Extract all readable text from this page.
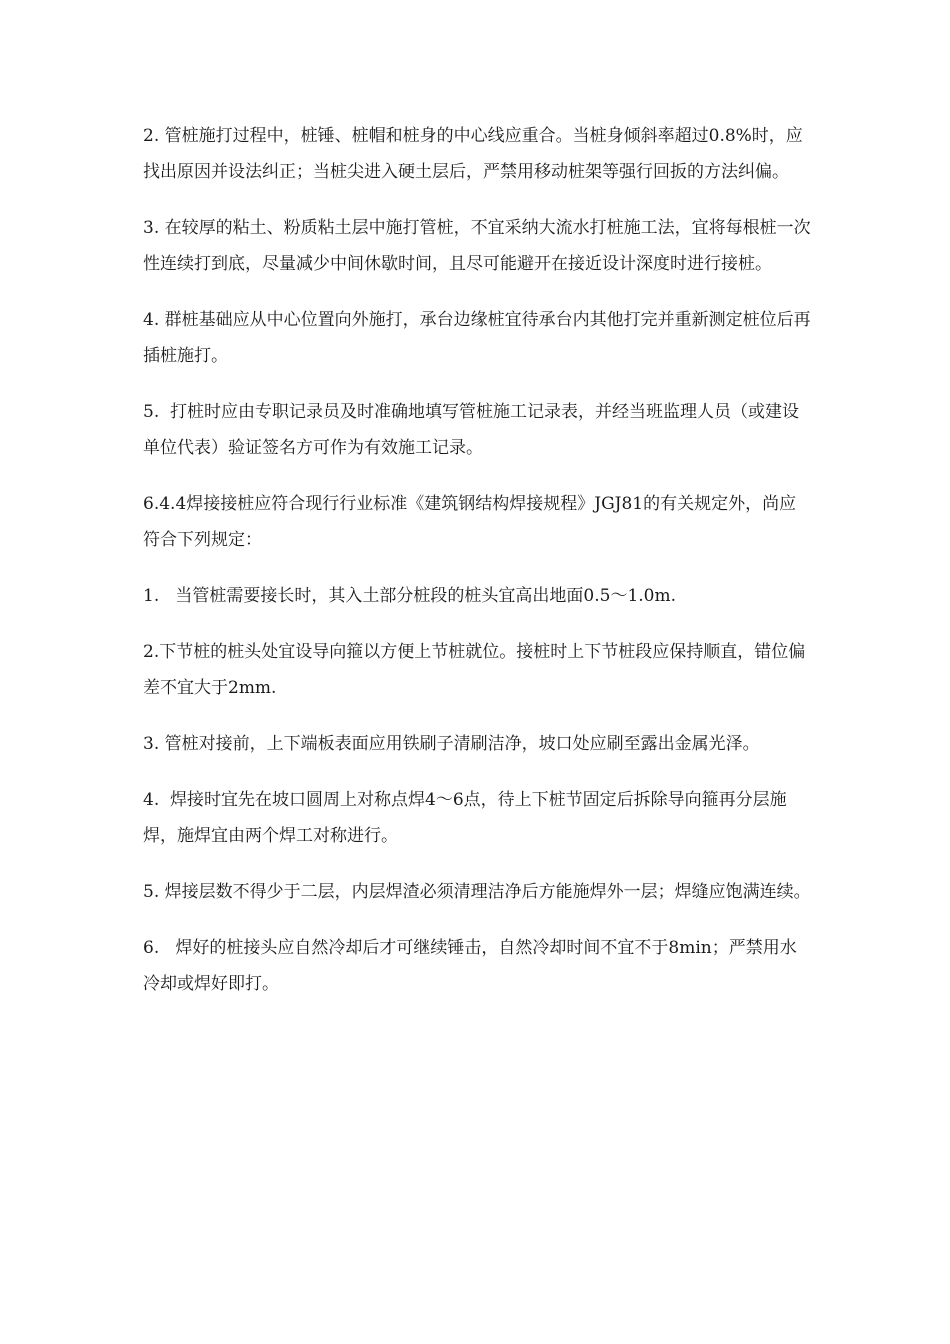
2. 管桩施打过程中，桩锤、桩帽和桩身的中心线应重合。当桩身倾斜率超过0.8%时，应找出原因并设法纠正；当桩尖进入硬土层后，严禁用移动桩架等强行回扳的方法纠偏。

3. 在较厚的粘土、粉质粘土层中施打管桩，不宜采纳大流水打桩施工法，宜将每根桩一次性连续打到底，尽量减少中间休歇时间，且尽可能避开在接近设计深度时进行接桩。

4. 群桩基础应从中心位置向外施打，承台边缘桩宜待承台内其他打完并重新测定桩位后再插桩施打。

5.  打桩时应由专职记录员及时准确地填写管桩施工记录表，并经当班监理人员（或建设单位代表）验证签名方可作为有效施工记录。

6.4.4焊接接桩应符合现行行业标准《建筑钢结构焊接规程》JGJ81的有关规定外，尚应符合下列规定：

1.   当管桩需要接长时，其入土部分桩段的桩头宜高出地面0.5～1.0m.

2.下节桩的桩头处宜设导向箍以方便上节桩就位。接桩时上下节桩段应保持顺直，错位偏差不宜大于2mm.

3. 管桩对接前，上下端板表面应用铁刷子清刷洁净，坡口处应刷至露出金属光泽。

4.  焊接时宜先在坡口圆周上对称点焊4～6点，待上下桩节固定后拆除导向箍再分层施焊，施焊宜由两个焊工对称进行。

5. 焊接层数不得少于二层，内层焊渣必须清理洁净后方能施焊外一层；焊缝应饱满连续。

6.   焊好的桩接头应自然冷却后才可继续锤击，自然冷却时间不宜不于8min；严禁用水冷却或焊好即打。
